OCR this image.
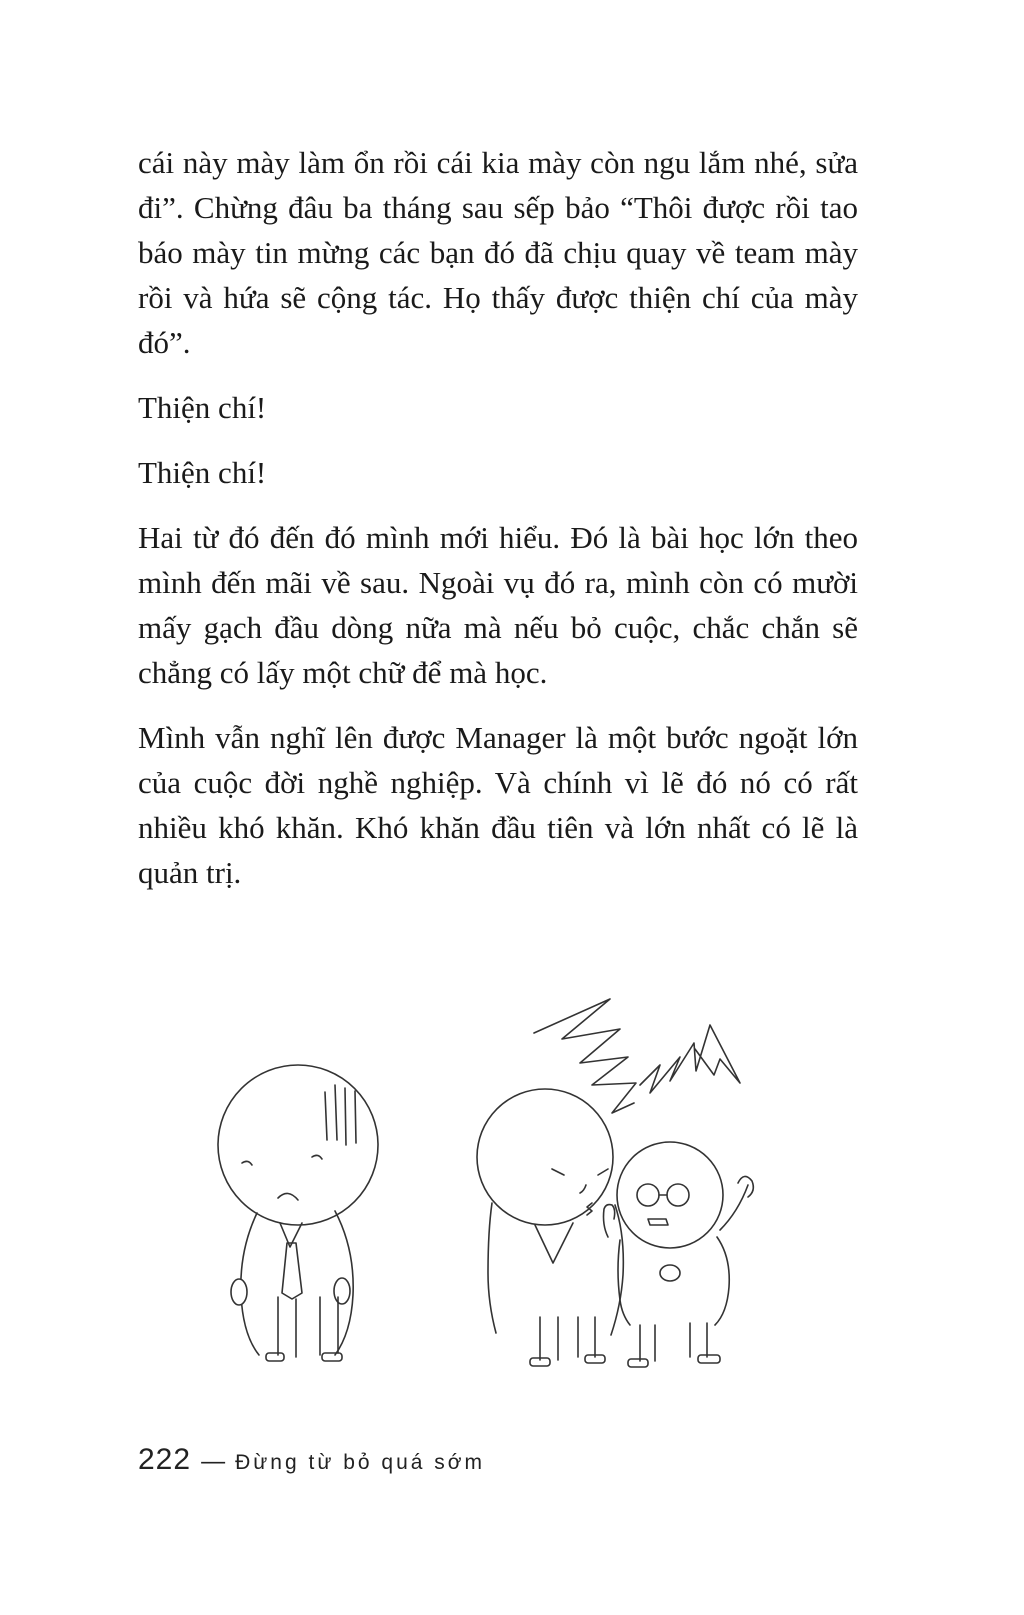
cái này mày làm ổn rồi cái kia mày còn ngu lắm nhé, sửa đi”. Chừng đâu ba tháng sau sếp bảo “Thôi được rồi tao báo mày tin mừng các bạn đó đã chịu quay về team mày rồi và hứa sẽ cộng tác. Họ thấy được thiện chí của mày đó”.

Thiện chí!

Thiện chí!

Hai từ đó đến đó mình mới hiểu. Đó là bài học lớn theo mình đến mãi về sau. Ngoài vụ đó ra, mình còn có mười mấy gạch đầu dòng nữa mà nếu bỏ cuộc, chắc chắn sẽ chẳng có lấy một chữ để mà học.

Mình vẫn nghĩ lên được Manager là một bước ngoặt lớn của cuộc đời nghề nghiệp. Và chính vì lẽ đó nó có rất nhiều khó khăn. Khó khăn đầu tiên và lớn nhất có lẽ là quản trị.

222 — Đừng từ bỏ quá sớm
